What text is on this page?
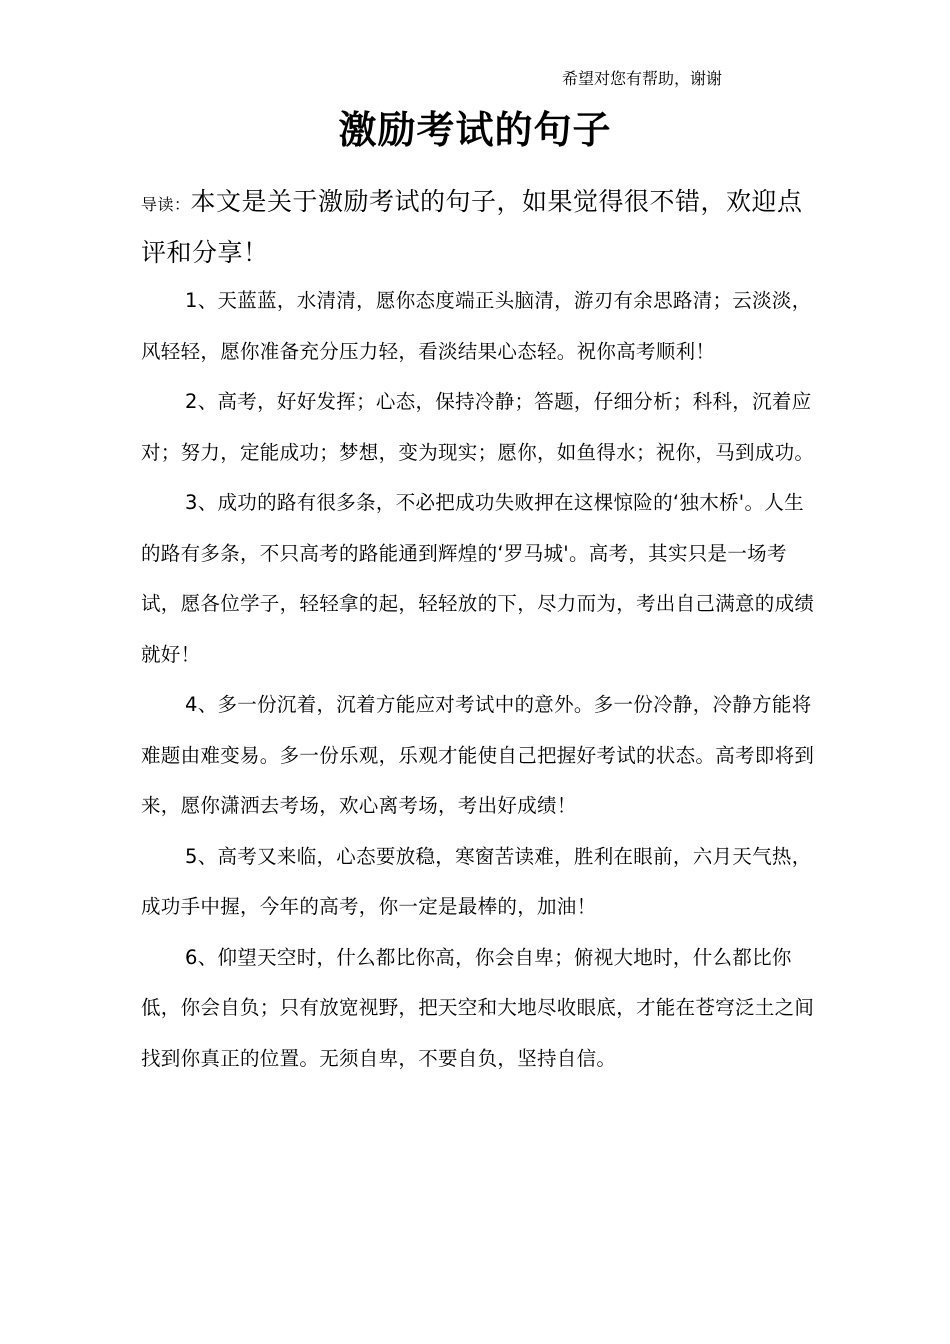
希望对您有帮助，谢谢
激励考试的句子
导读：本文是关于激励考试的句子，如果觉得很不错，欢迎点评和分享！

1、天蓝蓝，水清清，愿你态度端正头脑清，游刃有余思路清；云淡淡，风轻轻，愿你准备充分压力轻，看淡结果心态轻。祝你高考顺利！

2、高考，好好发挥；心态，保持冷静；答题，仔细分析；科科，沉着应对；努力，定能成功；梦想，变为现实；愿你，如鱼得水；祝你，马到成功。

3、成功的路有很多条，不必把成功失败押在这棵惊险的‘独木桥'。人生的路有多条，不只高考的路能通到辉煌的‘罗马城'。高考，其实只是一场考试，愿各位学子，轻轻拿的起，轻轻放的下，尽力而为，考出自己满意的成绩就好！

4、多一份沉着，沉着方能应对考试中的意外。多一份冷静，冷静方能将难题由难变易。多一份乐观，乐观才能使自己把握好考试的状态。高考即将到来，愿你潇洒去考场，欢心离考场，考出好成绩！

5、高考又来临，心态要放稳，寒窗苦读难，胜利在眼前，六月天气热，成功手中握，今年的高考，你一定是最棒的，加油！

6、仰望天空时，什么都比你高，你会自卑；俯视大地时，什么都比你低，你会自负；只有放宽视野，把天空和大地尽收眼底，才能在苍穹泛土之间找到你真正的位置。无须自卑，不要自负，坚持自信。
